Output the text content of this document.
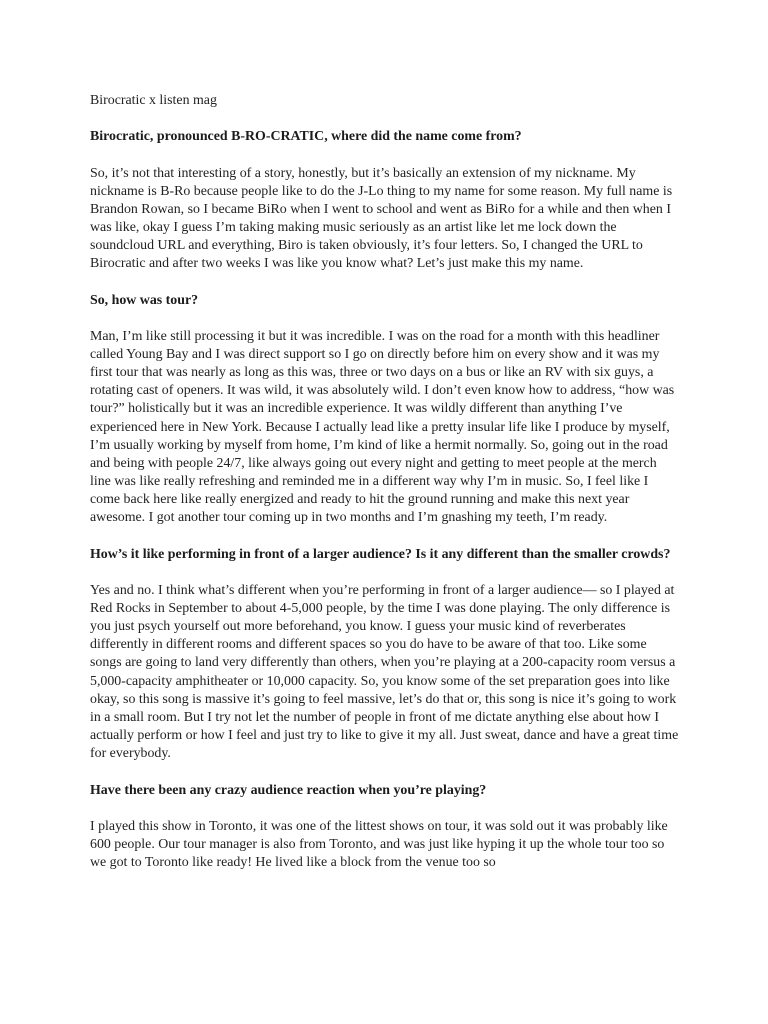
Birocratic x listen mag

Birocratic, pronounced B-RO-CRATIC, where did the name come from?

So, it’s not that interesting of a story, honestly, but it’s basically an extension of my nickname. My nickname is B-Ro because people like to do the J-Lo thing to my name for some reason. My full name is Brandon Rowan, so I became BiRo when I went to school and went as BiRo for a while and then when I was like, okay I guess I’m taking making music seriously as an artist like let me lock down the soundcloud URL and everything, Biro is taken obviously, it’s four letters. So, I changed the URL to Birocratic and after two weeks I was like you know what? Let’s just make this my name.

So, how was tour?

Man, I’m like still processing it but it was incredible. I was on the road for a month with this headliner called Young Bay and I was direct support so I go on directly before him on every show and it was my first tour that was nearly as long as this was, three or two days on a bus or like an RV with six guys, a rotating cast of openers. It was wild, it was absolutely wild. I don’t even know how to address, “how was tour?” holistically but it was an incredible experience. It was wildly different than anything I’ve experienced here in New York. Because I actually lead like a pretty insular life like I produce by myself, I’m usually working by myself from home, I’m kind of like a hermit normally. So, going out in the road and being with people 24/7, like always going out every night and getting to meet people at the merch line was like really refreshing and reminded me in a different way why I’m in music. So, I feel like I come back here like really energized and ready to hit the ground running and make this next year awesome. I got another tour coming up in two months and I’m gnashing my teeth, I’m ready.

How’s it like performing in front of a larger audience? Is it any different than the smaller crowds?

Yes and no. I think what’s different when you’re performing in front of a larger audience— so I played at Red Rocks in September to about 4-5,000 people, by the time I was done playing. The only difference is you just psych yourself out more beforehand, you know. I guess your music kind of reverberates differently in different rooms and different spaces so you do have to be aware of that too. Like some songs are going to land very differently than others, when you’re playing at a 200-capacity room versus a 5,000-capacity amphitheater or 10,000 capacity. So, you know some of the set preparation goes into like okay, so this song is massive it’s going to feel massive, let’s do that or, this song is nice it’s going to work in a small room. But I try not let the number of people in front of me dictate anything else about how I actually perform or how I feel and just try to like to give it my all. Just sweat, dance and have a great time for everybody.

Have there been any crazy audience reaction when you’re playing?

I played this show in Toronto, it was one of the littest shows on tour, it was sold out it was probably like 600 people. Our tour manager is also from Toronto, and was just like hyping it up the whole tour too so we got to Toronto like ready! He lived like a block from the venue too so
